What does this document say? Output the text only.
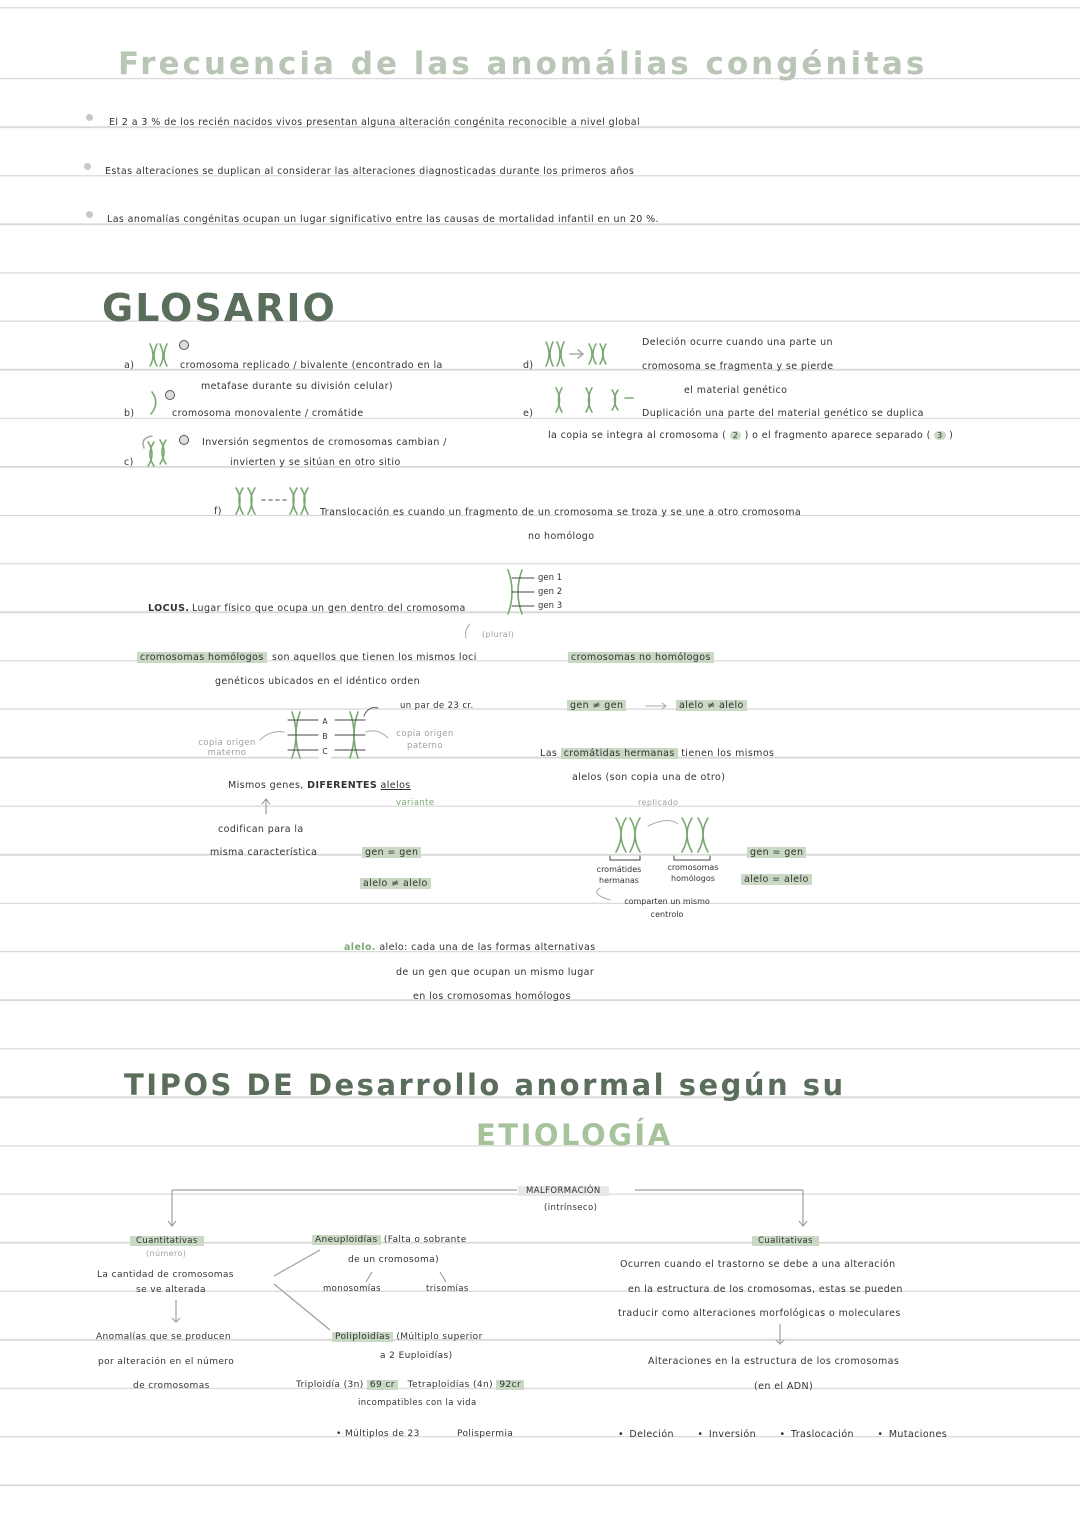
Frecuencia de las anomálias congénitas
El 2 a 3 % de los recién nacidos vivos presentan alguna alteración congénita reconocible a nivel global
Estas alteraciones se duplican al considerar las alteraciones diagnosticadas durante los primeros años
Las anomalías congénitas ocupan un lugar significativo entre las causas de mortalidad infantil en un 20 %.
GLOSARIO
a)	cromosoma replicado / bivalente (encontrado en la
metafase durante su división celular)
b)	cromosoma monovalente / cromátide
c)
Inversión segmentos de cromosomas cambian /
invierten y se sitúan en otro sitio
d)
Deleción ocurre cuando una parte un
cromosoma se fragmenta y se pierde
el material genético
e)	Duplicación una parte del material genético se duplica
la copia se integra al cromosoma ( 2 ) o el fragmento aparece separado ( 3 )
f)	Translocación es cuando un fragmento de un cromosoma se troza y se une a otro cromosoma
no homólogo
LOCUS. Lugar físico que ocupa un gen dentro del cromosoma
gen 1
gen 2
gen 3
(plural)
cromosomas homólogos son aquellos que tienen los mismos loci
genéticos ubicados en el idéntico orden
un par de 23 cr.
copia origen materno
copia origen paterno
A
B
C
Mismos genes, DIFERENTES alelos
variante
codifican para la
misma característica	gen = gen
alelo ≠ alelo
cromosomas no homólogos
gen ≠ gen	alelo ≠ alelo
Las cromátidas hermanas tienen los mismos
alelos (son copia una de otro)
replicado
cromátides
hermanas
cromosomas
homólogos
comparten un mismo
centrolo
gen = gen
alelo = alelo
alelo. alelo: cada una de las formas alternativas
de un gen que ocupan un mismo lugar
en los cromosomas homólogos
TIPOS DE Desarrollo anormal según su
ETIOLOGÍA
MALFORMACIÓN
(intrínseco)
Cuantitativas
(número)
La cantidad de cromosomas
se ve alterada
Anomalías que se producen
por alteración en el número
de cromosomas
Aneuploidías (Falta o sobrante
de un cromosoma)
monosomías	trisomías
Poliploidías (Múltiplo superior
a 2 Euploidías)
Triploidía (3n) 69 cr Tetraploidías (4n) 92cr
incompatibles con la vida
• Múltiplos de 23	Polispermia
Cualitativas
Ocurren cuando el trastorno se debe a una alteración
en la estructura de los cromosomas, estas se pueden
traducir como alteraciones morfológicas o moleculares
Alteraciones en la estructura de los cromosomas
(en el ADN)
• Deleción • Inversión • Traslocación • Mutaciones
